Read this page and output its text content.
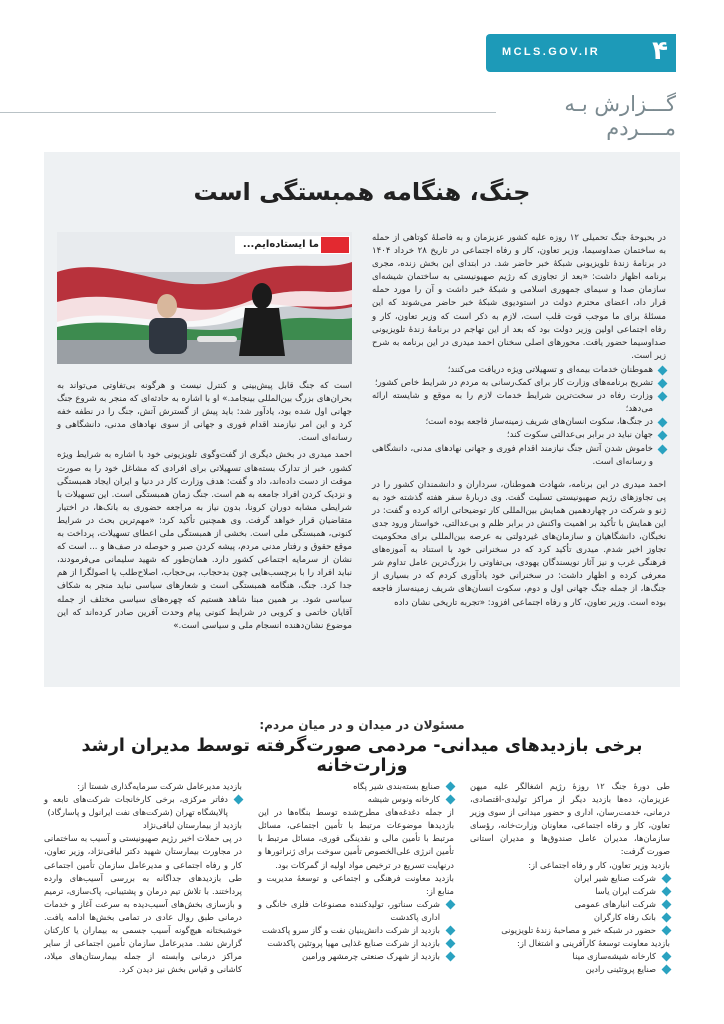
MCLS.GOV.IR ۴
گـــزارش بـه مــــردم
جنگ، هنگامه همبستگی است
ما ایستاده‌ایم...

در بحبوحهٔ جنگ تحمیلی ۱۲ روزه علیه کشور عزیزمان و به فاصلهٔ کوتاهی از حمله به ساختمان صداوسیما، وزیر تعاون، کار و رفاه اجتماعی در تاریخ ۲۸ خرداد ۱۴۰۴ در برنامهٔ زندهٔ تلویزیونی شبکهٔ خبر حاضر شد. در ابتدای این بخش زنده، مجری برنامه اظهار داشت: «بعد از تجاوزی که رژیم صهیونیستی به ساختمان شیشه‌ای سازمان صدا و سیمای جمهوری اسلامی و شبکهٔ خبر داشت و آن را مورد حمله قرار داد، اعضای محترم دولت در استودیوی شبکهٔ خبر حاضر می‌شوند که این مسئلهٔ برای ما موجب قوت قلب است، لازم به ذکر است که وزیر تعاون، کار و رفاه اجتماعی اولین وزیر دولت بود که بعد از این تهاجم در برنامهٔ زندهٔ تلویزیونی صداوسیما حضور یافت. محورهای اصلی سخنان احمد میدری در این برنامه به شرح زیر است.

هموطنان خدمات بیمه‌ای و تسهیلاتی ویژه دریافت می‌کنند؛
تشریح برنامه‌های وزارت کار برای کمک‌رسانی به مردم در شرایط خاص کشور؛
وزارت رفاه در سخت‌ترین شرایط خدمات لازم را به موقع و شایسته ارائه می‌دهد؛
در جنگ‌ها، سکوت انسان‌های شریف زمینه‌ساز فاجعه بوده است؛
جهان نباید در برابر بی‌عدالتی سکوت کند؛
خاموش شدن آتش جنگ نیازمند اقدام فوری و جهانی نهادهای مدنی، دانشگاهی و رسانه‌ای است.

احمد میدری در این برنامه، شهادت هموطنان، سرداران و دانشمندان کشور را در پی تجاوزهای رژیم صهیونیستی تسلیت گفت. وی دربارهٔ سفر هفته گذشته خود به ژنو و شرکت در چهاردهمین همایش بین‌المللی کار توضیحاتی ارائه کرده و گفت: در این همایش با تأکید بر اهمیت واکنش در برابر ظلم و بی‌عدالتی، خواستار ورود جدی نخبگان، دانشگاهیان و سازمان‌های غیردولتی به عرصه بین‌المللی برای محکومیت تجاوز اخیر شدم. میدری تأکید کرد که در سخنرانی خود با استناد به آموزه‌های فرهنگی غرب و نیز آثار نویسندگان یهودی، بی‌تفاوتی را بزرگ‌ترین عامل تداوم شر معرفی کرده و اظهار داشت: در سخنرانی خود یادآوری کردم که در بسیاری از جنگ‌ها، از جمله جنگ جهانی اول و دوم، سکوت انسان‌های شریف زمینه‌ساز فاجعه بوده است. وزیر تعاون، کار و رفاه اجتماعی افزود: «تجربه تاریخی نشان داده

است که جنگ قابل پیش‌بینی و کنترل نیست و هرگونه بی‌تفاوتی می‌تواند به بحران‌های بزرگ بین‌المللی بینجامد.» او با اشاره به حادثه‌ای که منجر به شروع جنگ جهانی اول شده بود، یادآور شد: باید پیش از گسترش آتش، جنگ را در نطفه خفه کرد و این امر نیازمند اقدام فوری و جهانی از سوی نهادهای مدنی، دانشگاهی و رسانه‌ای است.

احمد میدری در بخش دیگری از گفت‌وگوی تلویزیونی خود با اشاره به شرایط ویژه کشور، خبر از تدارک بسته‌های تسهیلاتی برای افرادی که مشاغل خود را به صورت موقت از دست داده‌اند، داد و گفت: هدف وزارت کار در دنیا و ایران ایجاد همبستگی و نزدیک کردن افراد جامعه به هم است. جنگ زمان همبستگی است. این تسهیلات با شرایطی مشابه دوران کرونا، بدون نیاز به مراجعه حضوری به بانک‌ها، در اختیار متقاضیان قرار خواهد گرفت. وی همچنین تأکید کرد: «مهم‌ترین بحث در شرایط کنونی، همبستگی ملی است. بخشی از همبستگی ملی اعطای تسهیلات، پرداخت به موقع حقوق و رفتار مدنی مردم، پیشه کردن صبر و حوصله در صف‌ها و ... است که نشان از سرمایه اجتماعی کشور دارد. همان‌طور که شهید سلیمانی می‌فرمودند، نباید افراد را با برچسب‌هایی چون بدحجاب، بی‌حجاب، اصلاح‌طلب یا اصولگرا از هم جدا کرد. جنگ، هنگامه همبستگی است و شعارهای سیاسی نباید منجر به شکاف سیاسی شود. بر همین مبنا شاهد هستیم که چهره‌های سیاسی مختلف از جمله آقایان خاتمی و کروبی در شرایط کنونی پیام وحدت آفرین صادر کرده‌اند که این موضوع نشان‌دهنده انسجام ملی و سیاسی است.»

مسئولان در میدان و در میان مردم:
برخی بازدیدهای میدانی- مردمی صورت‌گرفته توسط مدیران ارشد وزارت‌خانه

طی دورهٔ جنگ ۱۲ روزهٔ رژیم اشغالگر علیه میهن عزیزمان، ده‌ها بازدید دیگر از مراکز تولیدی-اقتصادی، درمانی، خدمت‌رسان، اداری و حضور میدانی از سوی وزیر تعاون، کار و رفاه اجتماعی، معاونان وزارت‌خانه، رؤسای سازمان‌ها، مدیران عامل صندوق‌ها و مدیران استانی صورت گرفت:

بازدید وزیر تعاون، کار و رفاه اجتماعی از:

شرکت صنایع شیر ایران
شرکت ایران یاسا
شرکت انبارهای عمومی
بانک رفاه کارگران
حضور در شبکه خبر و مصاحبهٔ زندهٔ تلویزیونی

بازدید معاونت توسعهٔ کارآفرینی و اشتغال از:

کارخانه شیشه‌سازی مینا
صنایع پروتئینی رادین
صنایع بسته‌بندی شیر پگاه
کارخانه ونوس شیشه

از جمله دغدغه‌های مطرح‌شده توسط بنگاه‌ها در این بازدیدها موضوعات مرتبط با تأمین اجتماعی، مسائل مرتبط با تأمین مالی و نقدینگی فوری، مسائل مرتبط با تأمین انرژی علی‌الخصوص تأمین سوخت برای ژنراتورها و درنهایت تسریع در ترخیص مواد اولیه از گمرکات بود.

بازدید معاونت فرهنگی و اجتماعی و توسعهٔ مدیریت و منابع از:

شرکت سناتور، تولیدکننده مصنوعات فلزی خانگی و اداری پاکدشت
بازدید از شرکت دانش‌بنیان نفت و گاز سرو پاکدشت
بازدید از شرکت صنایع غذایی مهیا پروتئین پاکدشت
بازدید از شهرک صنعتی چرمشهر ورامین

بازدید مدیرعامل شرکت سرمایه‌گذاری شستا از:

دفاتر مرکزی، برخی کارخانجات شرکت‌های تابعه و پالایشگاه تهران (شرکت‌های نفت ایرانول و پاسارگاد)

بازدید از بیمارستان لبافی‌نژاد

در پی حملات اخیر رژیم صهیونیستی و آسیب به ساختمانی در مجاورت بیمارستان شهید دکتر لبافی‌نژاد، وزیر تعاون، کار و رفاه اجتماعی و مدیرعامل سازمان تأمین اجتماعی طی بازدیدهای جداگانه به بررسی آسیب‌های وارده پرداختند. با تلاش تیم درمان و پشتیبانی، پاک‌سازی، ترمیم و بازسازی بخش‌های آسیب‌دیده به سرعت آغاز و خدمات درمانی طبق روال عادی در تمامی بخش‌ها ادامه یافت. خوشبختانه هیچ‌گونه آسیب جسمی به بیماران یا کارکنان گزارش نشد. مدیرعامل سازمان تأمین اجتماعی از سایر مراکز درمانی وابسته از جمله بیمارستان‌های میلاد، کاشانی و قیاس بخش نیز دیدن کرد.
